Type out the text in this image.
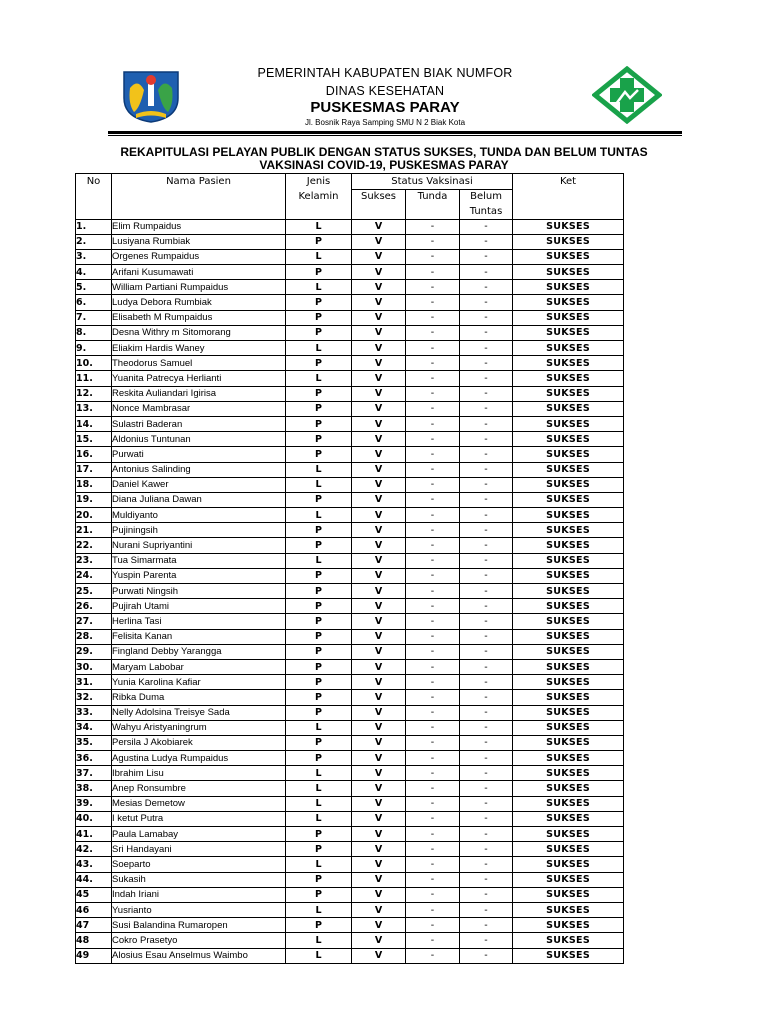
PEMERINTAH KABUPATEN BIAK NUMFOR
DINAS KESEHATAN
PUSKESMAS PARAY
Jl. Bosnik Raya Samping SMU N 2 Biak Kota
REKAPITULASI PELAYAN PUBLIK DENGAN STATUS SUKSES, TUNDA DAN BELUM TUNTAS
VAKSINASI COVID-19, PUSKESMAS PARAY
No	Nama Pasien	Jenis	Status Vaksinasi			Ket
		Kelamin	Sukses	Tunda	Belum	
					Tuntas	
1.	Elim Rumpaidus	L	V	-	-	SUKSES
2.	Lusiyana Rumbiak	P	V	-	-	SUKSES
3.	Orgenes Rumpaidus	L	V	-	-	SUKSES
4.	Arifani Kusumawati	P	V	-	-	SUKSES
5.	William Partiani Rumpaidus	L	V	-	-	SUKSES
6.	Ludya Debora Rumbiak	P	V	-	-	SUKSES
7.	Elisabeth M Rumpaidus	P	V	-	-	SUKSES
8.	Desna Withry m Sitomorang	P	V	-	-	SUKSES
9.	Eliakim Hardis Waney	L	V	-	-	SUKSES
10.	Theodorus Samuel	P	V	-	-	SUKSES
11.	Yuanita Patrecya Herlianti	L	V	-	-	SUKSES
12.	Reskita Auliandari Igirisa	P	V	-	-	SUKSES
13.	Nonce Mambrasar	P	V	-	-	SUKSES
14.	Sulastri Baderan	P	V	-	-	SUKSES
15.	Aldonius Tuntunan	P	V	-	-	SUKSES
16.	Purwati	P	V	-	-	SUKSES
17.	Antonius Salinding	L	V	-	-	SUKSES
18.	Daniel Kawer	L	V	-	-	SUKSES
19.	Diana Juliana Dawan	P	V	-	-	SUKSES
20.	Muldiyanto	L	V	-	-	SUKSES
21.	Pujiningsih	P	V	-	-	SUKSES
22.	Nurani Supriyantini	P	V	-	-	SUKSES
23.	Tua Simarmata	L	V	-	-	SUKSES
24.	Yuspin Parenta	P	V	-	-	SUKSES
25.	Purwati Ningsih	P	V	-	-	SUKSES
26.	Pujirah Utami	P	V	-	-	SUKSES
27.	Herlina Tasi	P	V	-	-	SUKSES
28.	Felisita Kanan	P	V	-	-	SUKSES
29.	Fingland Debby Yarangga	P	V	-	-	SUKSES
30.	Maryam Labobar	P	V	-	-	SUKSES
31.	Yunia Karolina Kafiar	P	V	-	-	SUKSES
32.	Ribka Duma	P	V	-	-	SUKSES
33.	Nelly Adolsina Treisye Sada	P	V	-	-	SUKSES
34.	Wahyu Aristyaningrum	L	V	-	-	SUKSES
35.	Persila J Akobiarek	P	V	-	-	SUKSES
36.	Agustina Ludya Rumpaidus	P	V	-	-	SUKSES
37.	Ibrahim Lisu	L	V	-	-	SUKSES
38.	Anep Ronsumbre	L	V	-	-	SUKSES
39.	Mesias Demetow	L	V	-	-	SUKSES
40.	I ketut Putra	L	V	-	-	SUKSES
41.	Paula Lamabay	P	V	-	-	SUKSES
42.	Sri Handayani	P	V	-	-	SUKSES
43.	Soeparto	L	V	-	-	SUKSES
44.	Sukasih	P	V	-	-	SUKSES
45	Indah Iriani	P	V	-	-	SUKSES
46	Yusrianto	L	V	-	-	SUKSES
47	Susi Balandina Rumaropen	P	V	-	-	SUKSES
48	Cokro Prasetyo	L	V	-	-	SUKSES
49	Alosius Esau Anselmus Waimbo	L	V	-	-	SUKSES
